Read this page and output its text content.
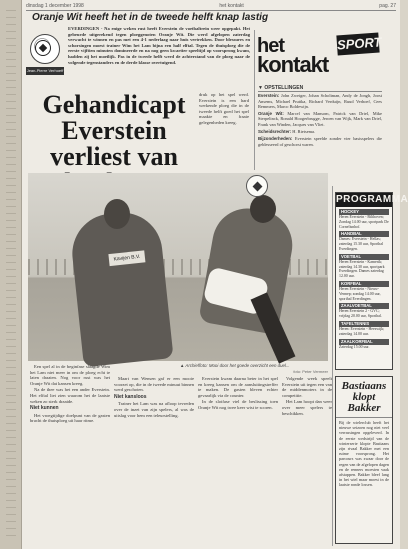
dinsdag 1 december 1998	het kontakt	pag. 27
Oranje Wit heeft het in de tweede helft knap lastig
Jean-Pierre Verhoeff
EVERDINGEN - Na enige weken rust heeft Everstein de voetbaltrein weer opgepakt. Het gebeurde uitgerekend tegen ploeggenoten Oranje Wit. Die werd afgelopen zaterdag verwacht te winnen en pas met een 4-1 nederlaag naar huis vertrekken. Door blessures en schorsingen moest trainer Wim het Lam bijna een half elftal. Tegen de thuisploeg die de eerste vijftien minuten domineerde en na nog geen kwartier speeltijd op voorsprong kwam, hadden zij het moeilijk. Pas in de tweede helft werd de achterstand van de ploeg naar de volgende tegenstanders en de derde klasse overtuigend.
Gehandicapt Everstein verliest van
druk op het spel werd. Everstein is een hard werkende ploeg die in de tweede helft goed het spel maakte en fraaie gelegenheden kreeg.
Kavijen B.V.
▲ Archieffoto: Mooi door het goede overzicht een duel...
foto: Peter Vermeer

Een spel al in de beginfase slaagde Wim het Lam niet meer in om de ploeg echt te laten draaien. Nog voor rust was het Oranje Wit dat kansen kreeg.

Na de thee was het een ander Everstein. Het elftal liet zien waarom het de laatste weken zo sterk draaide.

Niet kunnen

Het vroegtijdige doelpunt van de gasten bracht de thuisploeg uit haar ritme.

Maart van Wensen gaf er een mooie voorzet op, die in de tweede minuut binnen werd geschoten.

Niet kansloos

Trainer het Lam was na afloop tevreden over de inzet van zijn spelers, al was de uitslag voor hem een teleurstelling.

Everstein kwam daarna beter in het spel en kreeg kansen om de aansluitingstreffer te maken. De gasten bleven echter gevaarlijk via de counter.

In de slotfase viel de beslissing toen Oranje Wit nog twee keer wist te scoren.

Volgende week speelt Everstein uit tegen een van de middenmoters in de competitie.

Het Lam hoopt dan weer over meer spelers te beschikken.

het
kontakt
SPORT
▼ OPSTELLINGEN

Everstein: John Zweiger, Johan Scholtman, Andy de Jongh, Joost Ansems, Michael Pruttka, Richard Verduijn, Ruud Verhoef, Cees Remmers, Marco Boldewijn.

Oranje Wit: Marcel van Mansom, Patrick van Driel, Mike Sterpelinck, Ronald Hoogerbrugge, Jeroen van Wijk, Mark van Driel, Frank van Winden, Jacques van Vliet.

Scheidsrechter: H. Rietsema.

Bijzonderheden: Everstein speelde zonder vier basisspelers die geblesseerd of geschorst waren.

PROGRAMMA
HOCKEY
Heren Everstein - Bilthoven; Zondag 14.00 uur, sportpark De Cornelisnhof.
HANDBAL
Dames: Everstein - Hellas; zaterdag 15.30 uur, Sporthal Everdingen.
VOETBAL
Heren Everstein - Kamerik; zaterdag 14.30 uur, sportpark Everdingen. Dames zaterdag 12.00 uur.
KORFBAL
Heren Everstein - Nieuw-Vennep; zondag 14.00 uur, sporthal Everdingen.
ZAALVOETBAL
Heren Everstein 2 - GVC; vrijdag 20.00 uur, Sporthal.
TAFELTENNIS
Heren: Everstein - Heeswijk; zaterdag 14.00 uur.
ZAALKORFBAL
Zaterdag 15.00 uur.
Bastiaans klopt Bakker
Bij de wielerclub heeft het nieuwe seizoen nog niet veel verrassingen opgeleverd. In de eerste wedstrijd van de winterserie klopte Bastiaans zijn rivaal Bakker met een ruime voorsprong. Het parcours was zwaar door de regen van de afgelopen dagen en de renners moesten vaak afstappen. Bakker bleef lang in het wiel maar moest in de laatste ronde lossen.
